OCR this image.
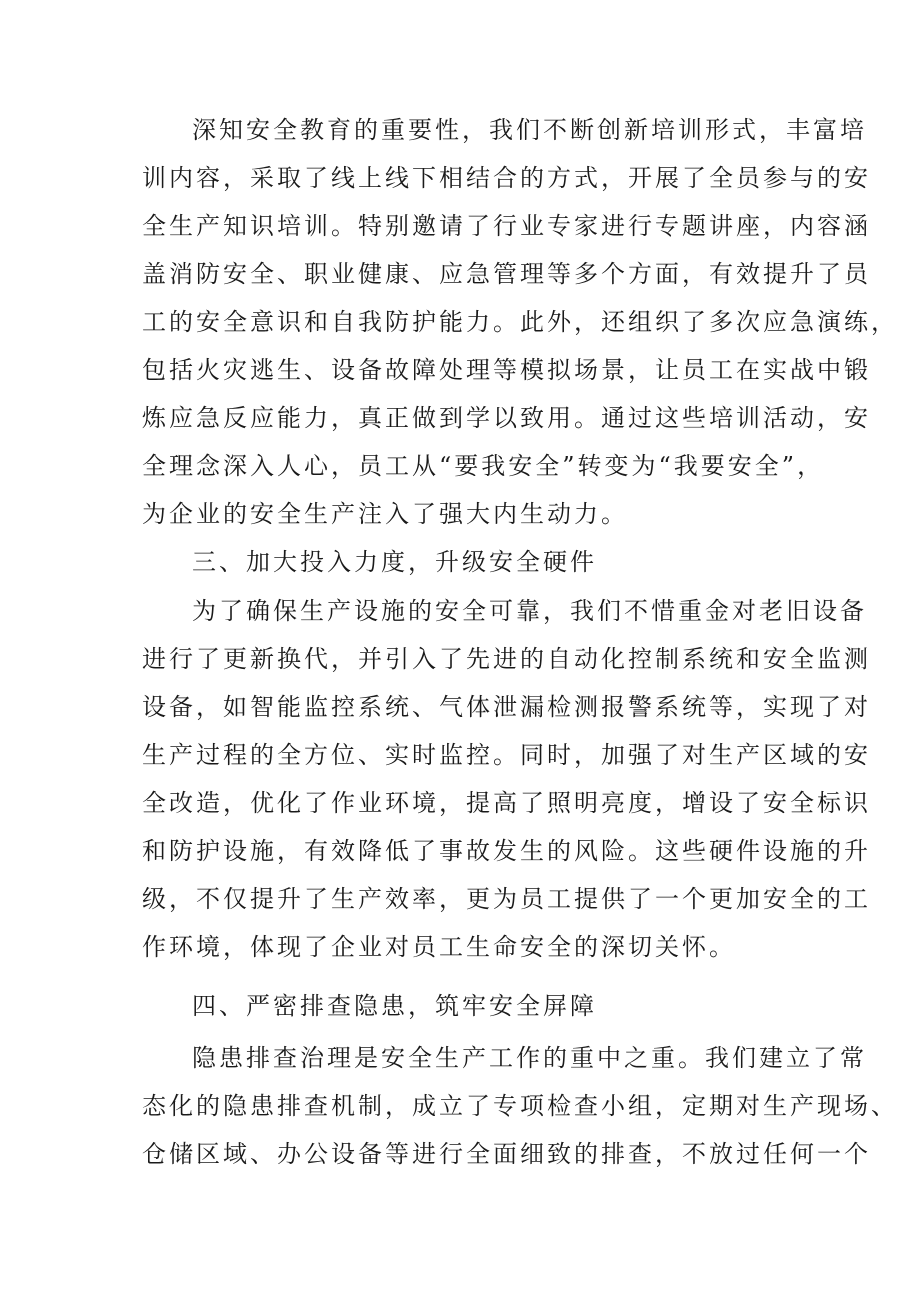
深知安全教育的重要性，我们不断创新培训形式，丰富培
训内容，采取了线上线下相结合的方式，开展了全员参与的安
全生产知识培训。特别邀请了行业专家进行专题讲座，内容涵
盖消防安全、职业健康、应急管理等多个方面，有效提升了员
工的安全意识和自我防护能力。此外，还组织了多次应急演练，
包括火灾逃生、设备故障处理等模拟场景，让员工在实战中锻
炼应急反应能力，真正做到学以致用。通过这些培训活动，安
全理念深入人心，员工从“要我安全”转变为“我要安全”，
为企业的安全生产注入了强大内生动力。
三、加大投入力度，升级安全硬件
为了确保生产设施的安全可靠，我们不惜重金对老旧设备
进行了更新换代，并引入了先进的自动化控制系统和安全监测
设备，如智能监控系统、气体泄漏检测报警系统等，实现了对
生产过程的全方位、实时监控。同时，加强了对生产区域的安
全改造，优化了作业环境，提高了照明亮度，增设了安全标识
和防护设施，有效降低了事故发生的风险。这些硬件设施的升
级，不仅提升了生产效率，更为员工提供了一个更加安全的工
作环境，体现了企业对员工生命安全的深切关怀。
四、严密排查隐患，筑牢安全屏障
隐患排查治理是安全生产工作的重中之重。我们建立了常
态化的隐患排查机制，成立了专项检查小组，定期对生产现场、
仓储区域、办公设备等进行全面细致的排查，不放过任何一个
